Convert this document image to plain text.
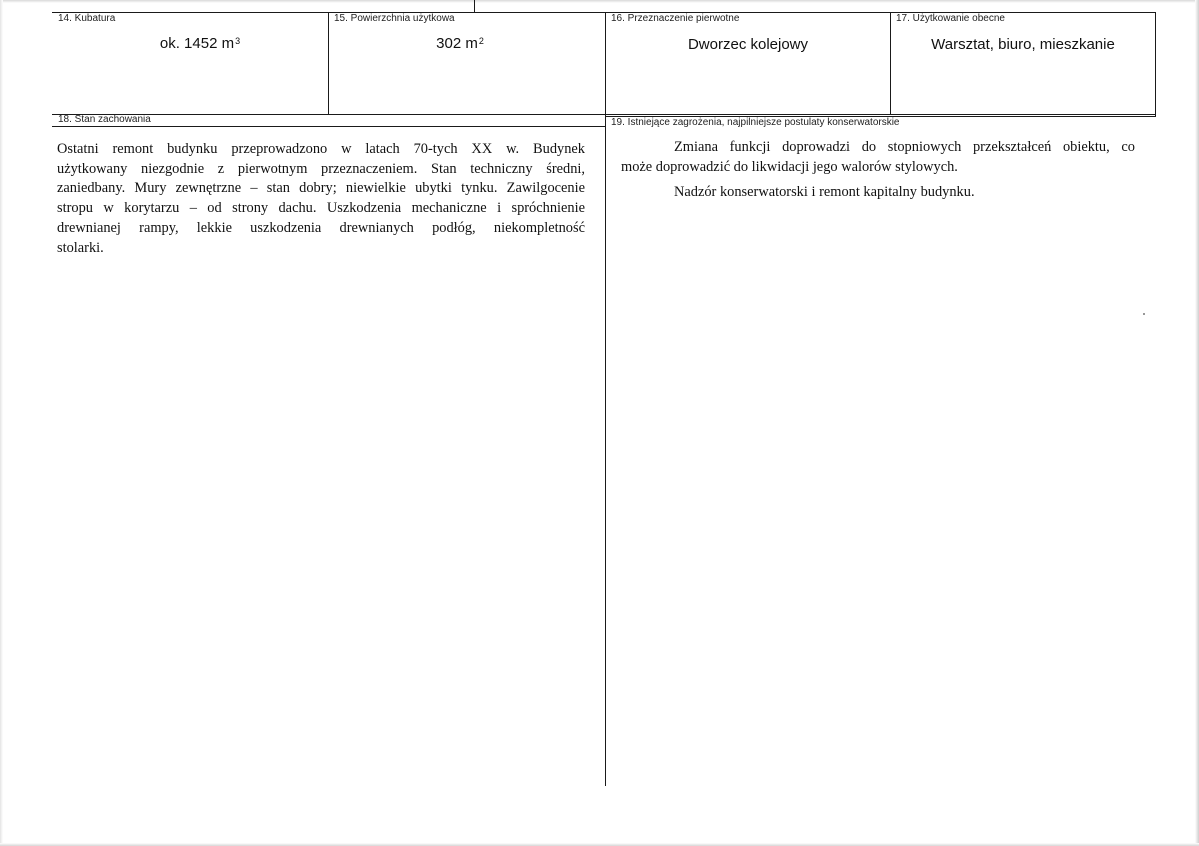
14. Kubatura
ok. 1452 $m^3$
15. Powierzchnia użytkowa
302 $m^2$
16. Przeznaczenie pierwotne
Dworzec kolejowy
17. Użytkowanie obecne
Warsztat, biuro, mieszkanie
18. Stan zachowania

Ostatni remont budynku przeprowadzono w latach 70-tych XX w. Budynek

użytkowany niezgodnie z pierwotnym przeznaczeniem. Stan techniczny średni,

zaniedbany. Mury zewnętrzne – stan dobry; niewielkie ubytki tynku. Zawilgocenie

stropu w korytarzu – od strony dachu. Uszkodzenia mechaniczne i spróchnienie

drewnianej rampy, lekkie uszkodzenia drewnianych podłóg, niekompletność

stolarki.

19. Istniejące zagrożenia, najpilniejsze postulaty konserwatorskie

Zmiana funkcji doprowadzi do stopniowych przekształceń obiektu, co

może doprowadzić do likwidacji jego walorów stylowych.

Nadzór konserwatorski i remont kapitalny budynku.
